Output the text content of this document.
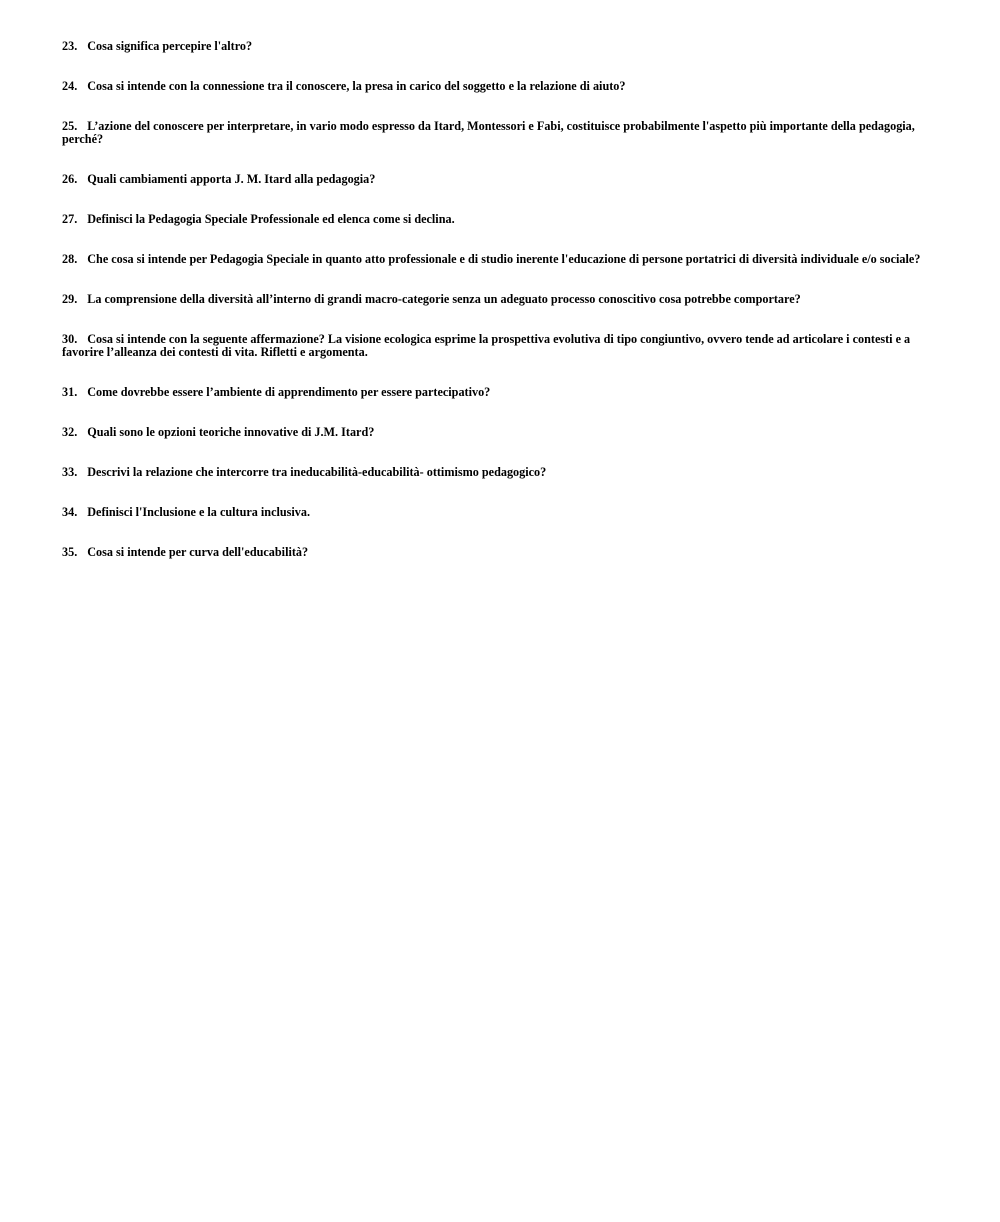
23. Cosa significa percepire l'altro?
24. Cosa si intende con la connessione tra il conoscere, la presa in carico del soggetto e la relazione di aiuto?
25. L’azione del conoscere per interpretare, in vario modo espresso da Itard, Montessori e Fabi, costituisce probabilmente l'aspetto più importante della pedagogia, perché?
26. Quali cambiamenti apporta J. M. Itard alla pedagogia?
27. Definisci la Pedagogia Speciale Professionale ed elenca come si declina.
28. Che cosa si intende per Pedagogia Speciale in quanto atto professionale e di studio inerente l'educazione di persone portatrici di diversità individuale e/o sociale?
29. La comprensione della diversità all’interno di grandi macro-categorie senza un adeguato processo conoscitivo cosa potrebbe comportare?
30. Cosa si intende con la seguente affermazione? La visione ecologica esprime la prospettiva evolutiva di tipo congiuntivo, ovvero tende ad articolare i contesti e a favorire l’alleanza dei contesti di vita. Rifletti e argomenta.
31. Come dovrebbe essere l’ambiente di apprendimento per essere partecipativo?
32. Quali sono le opzioni teoriche innovative di J.M. Itard?
33. Descrivi la relazione che intercorre tra ineducabilità-educabilità- ottimismo pedagogico?
34. Definisci l'Inclusione e la cultura inclusiva.
35. Cosa si intende per curva dell'educabilità?
